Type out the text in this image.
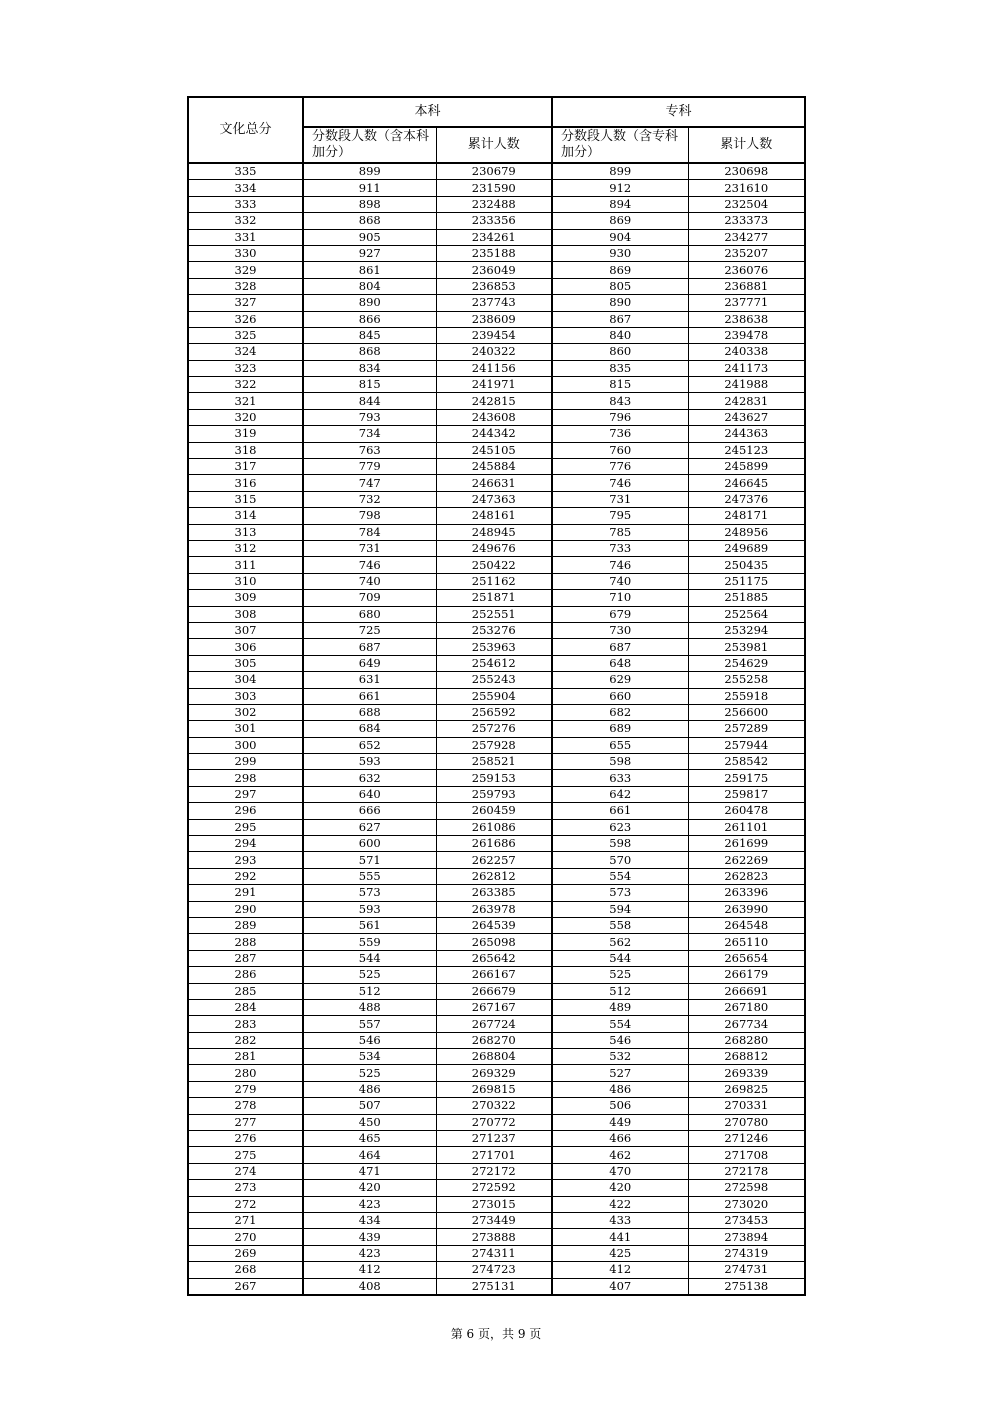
文化总分	本科		专科	
	分数段人数（含本科加分）	累计人数	分数段人数（含专科加分）	累计人数
335	899	230679	899	230698
334	911	231590	912	231610
333	898	232488	894	232504
332	868	233356	869	233373
331	905	234261	904	234277
330	927	235188	930	235207
329	861	236049	869	236076
328	804	236853	805	236881
327	890	237743	890	237771
326	866	238609	867	238638
325	845	239454	840	239478
324	868	240322	860	240338
323	834	241156	835	241173
322	815	241971	815	241988
321	844	242815	843	242831
320	793	243608	796	243627
319	734	244342	736	244363
318	763	245105	760	245123
317	779	245884	776	245899
316	747	246631	746	246645
315	732	247363	731	247376
314	798	248161	795	248171
313	784	248945	785	248956
312	731	249676	733	249689
311	746	250422	746	250435
310	740	251162	740	251175
309	709	251871	710	251885
308	680	252551	679	252564
307	725	253276	730	253294
306	687	253963	687	253981
305	649	254612	648	254629
304	631	255243	629	255258
303	661	255904	660	255918
302	688	256592	682	256600
301	684	257276	689	257289
300	652	257928	655	257944
299	593	258521	598	258542
298	632	259153	633	259175
297	640	259793	642	259817
296	666	260459	661	260478
295	627	261086	623	261101
294	600	261686	598	261699
293	571	262257	570	262269
292	555	262812	554	262823
291	573	263385	573	263396
290	593	263978	594	263990
289	561	264539	558	264548
288	559	265098	562	265110
287	544	265642	544	265654
286	525	266167	525	266179
285	512	266679	512	266691
284	488	267167	489	267180
283	557	267724	554	267734
282	546	268270	546	268280
281	534	268804	532	268812
280	525	269329	527	269339
279	486	269815	486	269825
278	507	270322	506	270331
277	450	270772	449	270780
276	465	271237	466	271246
275	464	271701	462	271708
274	471	272172	470	272178
273	420	272592	420	272598
272	423	273015	422	273020
271	434	273449	433	273453
270	439	273888	441	273894
269	423	274311	425	274319
268	412	274723	412	274731
267	408	275131	407	275138
第 6 页，共 9 页
